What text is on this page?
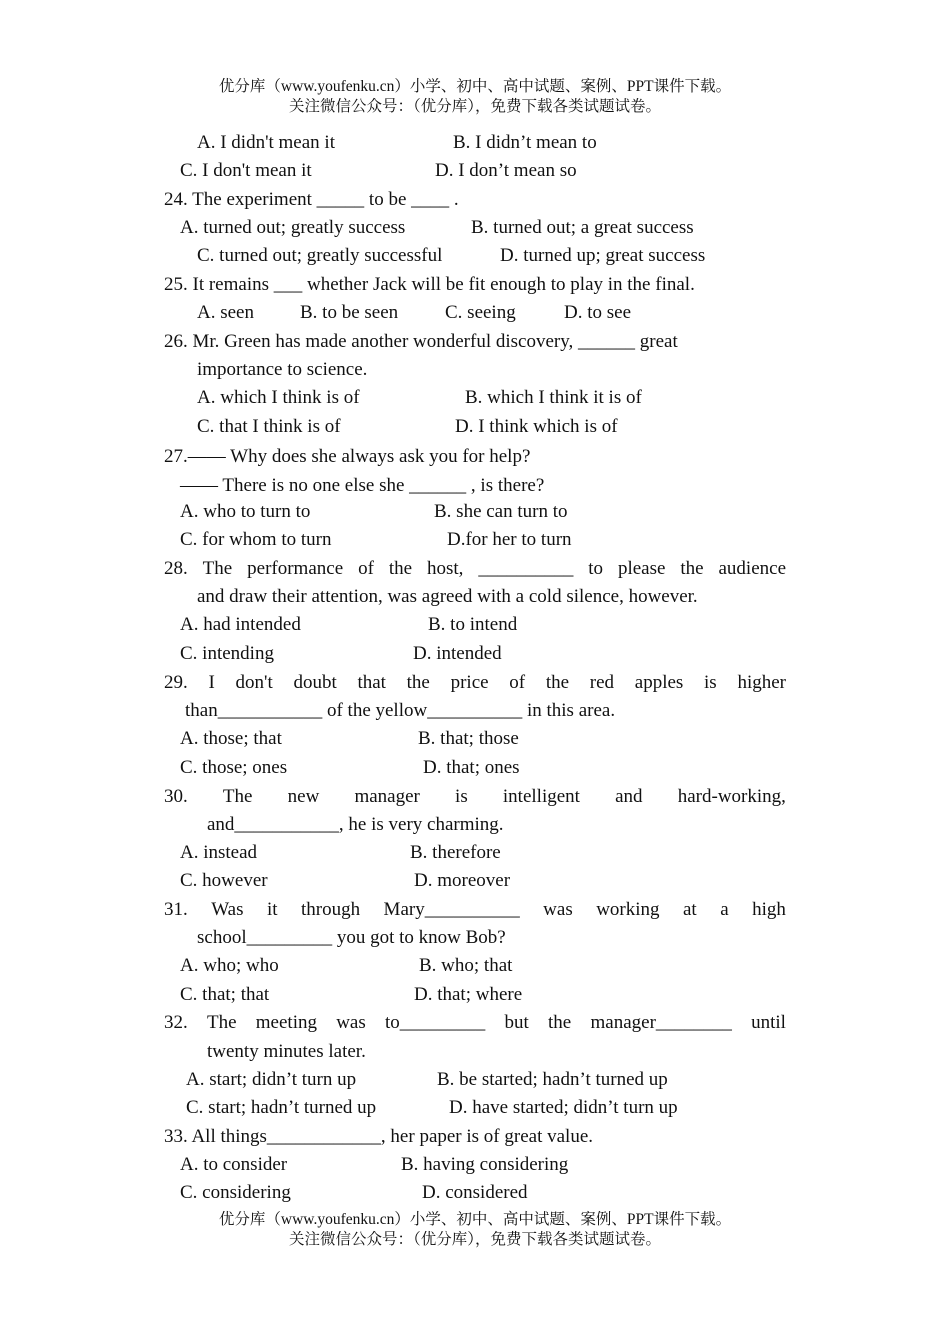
优分库（www.youfenku.cn）小学、初中、高中试题、案例、PPT课件下载。
关注微信公众号：（优分库），免费下载各类试题试卷。
A. I didn't mean it	B. I didn’t mean to
C. I don't mean it	D. I don’t mean so
24. The experiment _____ to be ____ .
A. turned out; greatly success	B. turned out; a great success
C. turned out; greatly successful	D. turned up; great success
25. It remains ___ whether Jack will be fit enough to play in the final.
A. seen B. to be seen C. seeing	D. to see
26. Mr. Green has made another wonderful discovery, ______ great
importance to science.
A. which I think is of	B. which I think it is of
C. that I think is of	D. I think which is of
27.—— Why does she always ask you for help?
—— There is no one else she ______ , is there?
A. who to turn to	B. she can turn to
C. for whom to turn	D.for her to turn
28. The performance of the host, __________ to please the audience
and draw their attention, was agreed with a cold silence, however.
A. had intended	B. to intend
C. intending	D. intended
29. I don't doubt that the price of the red apples is higher
than___________ of the yellow__________ in this area.
A. those; that	B. that; those
C. those; ones	D. that; ones
30. The new manager is intelligent and hard-working,
and___________, he is very charming.
A. instead	B. therefore
C. however	D. moreover
31. Was it through Mary__________ was working at a high
school_________ you got to know Bob?
A. who; who	B. who; that
C. that; that	D. that; where
32. The meeting was to_________ but the manager________ until
twenty minutes later.
A. start; didn’t turn up	B. be started; hadn’t turned up
C. start; hadn’t turned up	D. have started; didn’t turn up
33. All things____________, her paper is of great value.
A. to consider	B. having considering
C. considering	D. considered
优分库（www.youfenku.cn）小学、初中、高中试题、案例、PPT课件下载。
关注微信公众号：（优分库），免费下载各类试题试卷。
